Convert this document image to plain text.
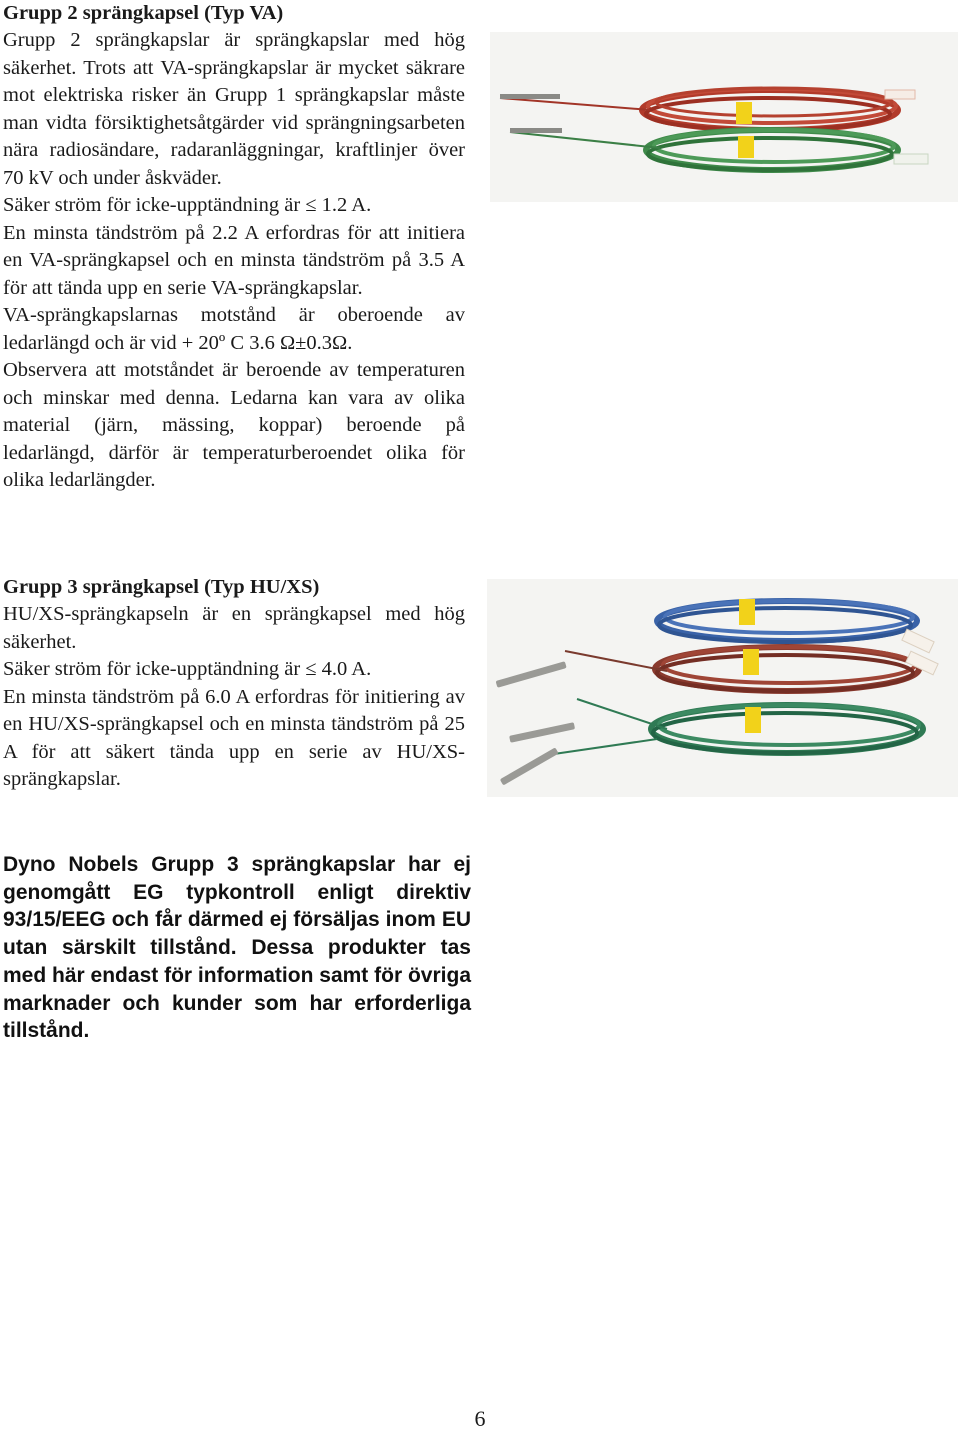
Grupp 2 sprängkapsel (Typ VA)

Grupp 2 sprängkapslar är sprängkapslar med hög säkerhet. Trots att VA-sprängkapslar är mycket säkrare mot elektriska risker än Grupp 1 sprängkapslar måste man vidta försiktighetsåtgärder vid sprängningsarbeten nära radiosändare, radaranläggningar, kraftlinjer över 70 kV och under åskväder.

Säker ström för icke-upptändning är ≤ 1.2 A.

En minsta tändström på 2.2 A erfordras för att initiera en VA-sprängkapsel och en minsta tändström på 3.5 A för att tända upp en serie VA-sprängkapslar.

VA-sprängkapslarnas motstånd är oberoende av ledarlängd och är vid + 20º C 3.6 Ω±0.3Ω.

Observera att motståndet är beroende av temperaturen och minskar med denna. Ledarna kan vara av olika material (järn, mässing, koppar) beroende på ledarlängd, därför är temperaturberoendet olika för olika ledarlängder.

Grupp 3 sprängkapsel (Typ HU/XS)

HU/XS-sprängkapseln är en sprängkapsel med hög säkerhet.

Säker ström för icke-upptändning är ≤ 4.0 A.

En minsta tändström på 6.0 A erfordras för initiering av en HU/XS-sprängkapsel och en minsta tändström på 25 A för att säkert tända upp en serie av HU/XS-sprängkapslar.

Dyno Nobels Grupp 3 sprängkapslar har ej genomgått EG typkontroll enligt direktiv 93/15/EEG och får därmed ej försäljas inom EU utan särskilt tillstånd. Dessa produkter tas med här endast för information samt för övriga marknader och kunder som har erforderliga tillstånd.

6
